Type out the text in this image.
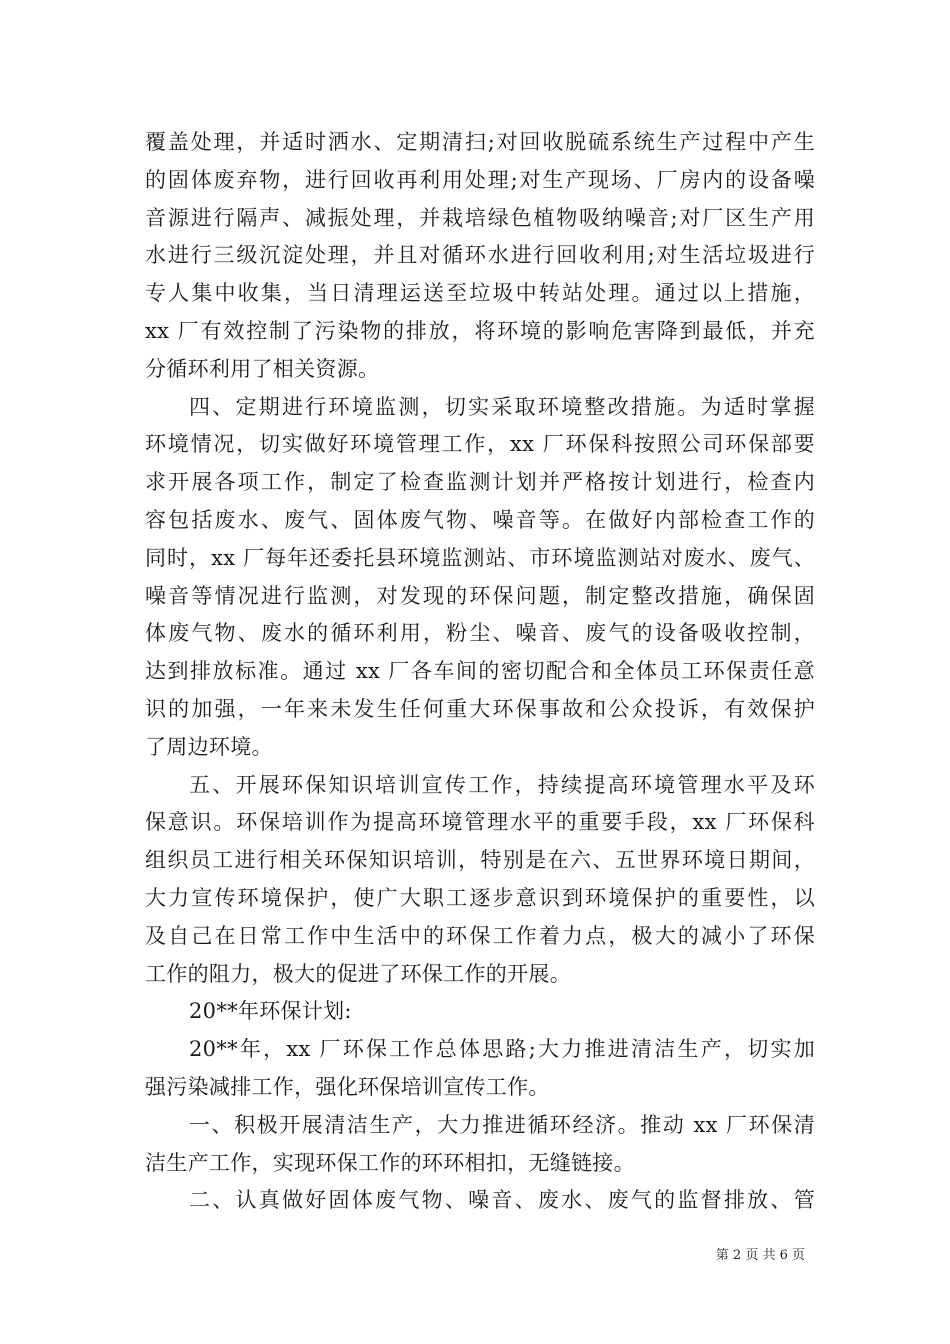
覆盖处理，并适时洒水、定期清扫;对回收脱硫系统生产过程中产生
的固体废弃物，进行回收再利用处理;对生产现场、厂房内的设备噪
音源进行隔声、减振处理，并栽培绿色植物吸纳噪音;对厂区生产用
水进行三级沉淀处理，并且对循环水进行回收利用;对生活垃圾进行
专人集中收集，当日清理运送至垃圾中转站处理。通过以上措施，
xx 厂有效控制了污染物的排放，将环境的影响危害降到最低，并充
分循环利用了相关资源。
四、定期进行环境监测，切实采取环境整改措施。为适时掌握
环境情况，切实做好环境管理工作，xx 厂环保科按照公司环保部要
求开展各项工作，制定了检查监测计划并严格按计划进行，检查内
容包括废水、废气、固体废气物、噪音等。在做好内部检查工作的
同时，xx 厂每年还委托县环境监测站、市环境监测站对废水、废气、
噪音等情况进行监测，对发现的环保问题，制定整改措施，确保固
体废气物、废水的循环利用，粉尘、噪音、废气的设备吸收控制，
达到排放标准。通过 xx 厂各车间的密切配合和全体员工环保责任意
识的加强，一年来未发生任何重大环保事故和公众投诉，有效保护
了周边环境。
五、开展环保知识培训宣传工作，持续提高环境管理水平及环
保意识。环保培训作为提高环境管理水平的重要手段，xx 厂环保科
组织员工进行相关环保知识培训，特别是在六、五世界环境日期间，
大力宣传环境保护，使广大职工逐步意识到环境保护的重要性，以
及自己在日常工作中生活中的环保工作着力点，极大的减小了环保
工作的阻力，极大的促进了环保工作的开展。
20**年环保计划:
20**年，xx 厂环保工作总体思路;大力推进清洁生产，切实加
强污染减排工作，强化环保培训宣传工作。
一、积极开展清洁生产，大力推进循环经济。推动 xx 厂环保清
洁生产工作，实现环保工作的环环相扣，无缝链接。
二、认真做好固体废气物、噪音、废水、废气的监督排放、管
第 2 页 共 6 页
